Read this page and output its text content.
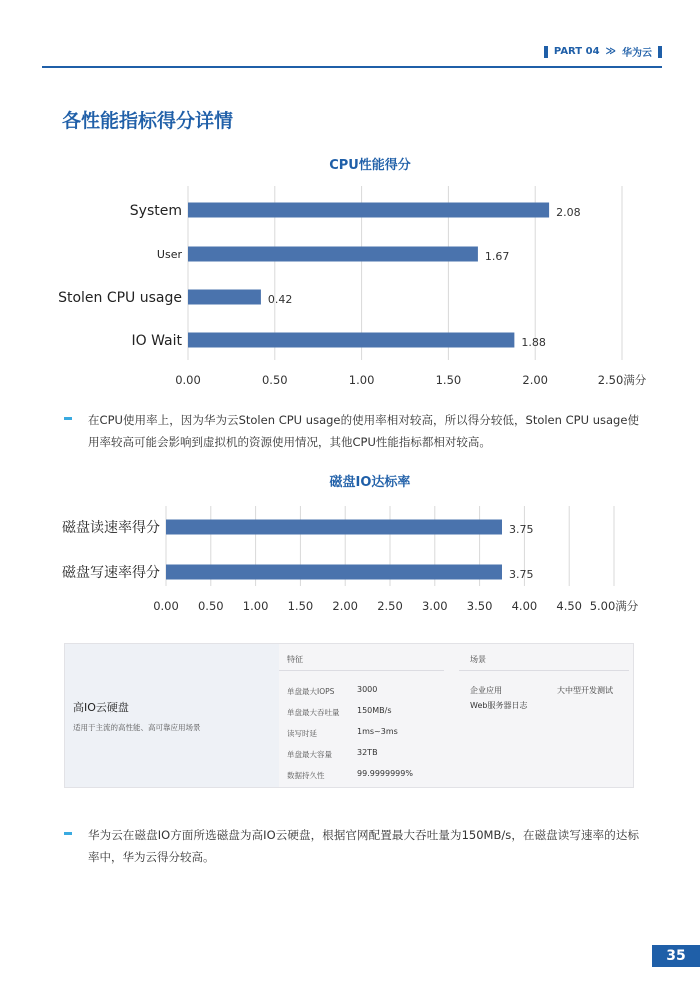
PART 04 ≫ 华为云
各性能指标得分详情
CPU性能得分
0.00	0.50	1.00	1.50	2.00	2.50满分
System	2.08
User	1.67
Stolen CPU usage	0.42
IO Wait	1.88
在CPU使用率上，因为华为云Stolen CPU usage的使用率相对较高，所以得分较低，Stolen CPU usage使用率较高可能会影响到虚拟机的资源使用情况，其他CPU性能指标都相对较高。
磁盘IO达标率
0.00 0.50 1.00 1.50 2.00 2.50 3.00 3.50 4.00 4.50 5.00满分
磁盘读速率得分	3.75
磁盘写速率得分	3.75
高IO云硬盘
适用于主流的高性能、高可靠应用场景
特征	场景
单盘最大IOPS	3000
单盘最大吞吐量 150MB/s
读写时延	1ms~3ms
单盘最大容量	32TB
数据持久性	99.9999999%
企业应用	大中型开发测试
Web服务器日志
华为云在磁盘IO方面所选磁盘为高IO云硬盘，根据官网配置最大吞吐量为150MB/s，在磁盘读写速率的达标率中，华为云得分较高。
35
